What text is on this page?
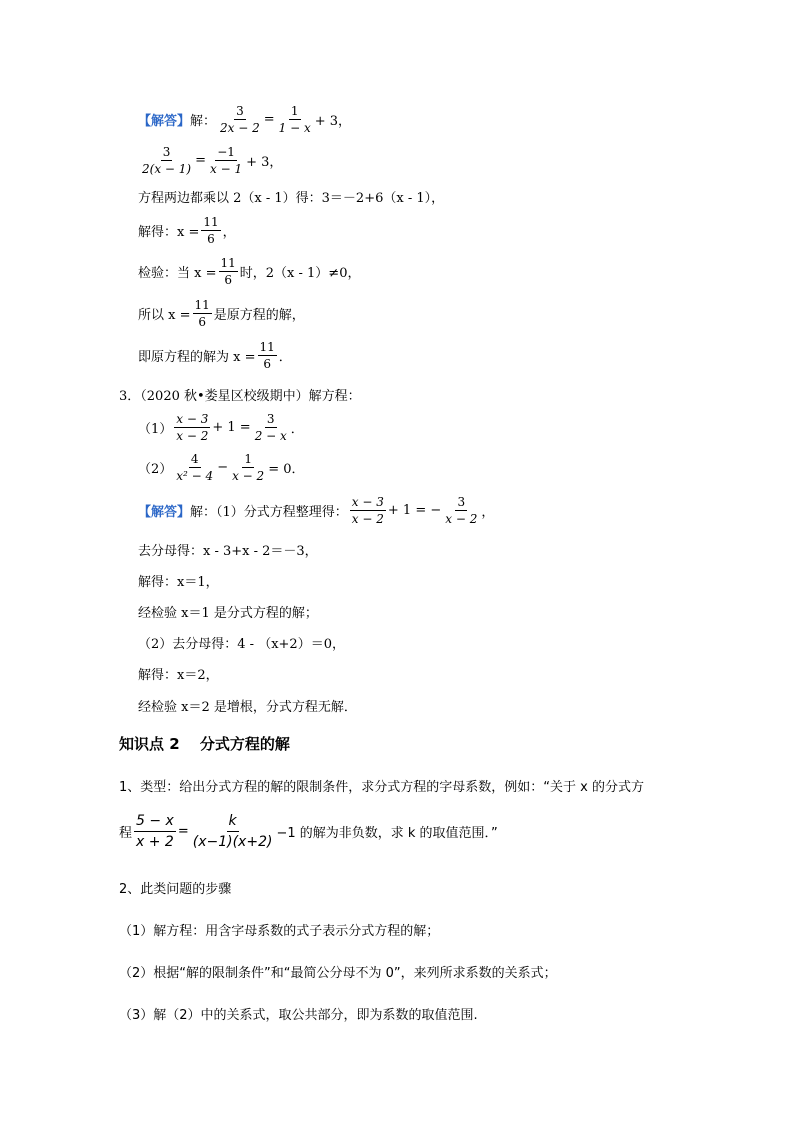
【解答】 解： $\frac{3}{2x - 2} = \frac{1}{1 - x} + 3$，
$\frac{3}{2(x - 1)} = \frac{-1}{x - 1} + 3$，
方程两边都乘以 2（x - 1）得：3＝－2+6（x - 1），
解得：$x = \frac{11}{6}$ ，
检验：当 $x = \frac{11}{6}$ 时，2（x - 1）≠0，
所以 $x = \frac{11}{6}$ 是原方程的解，
即原方程的解为 $x = \frac{11}{6}$ ．
3．（2020 秋•娄星区校级期中）解方程：
$(1) \frac{x - 3}{x - 2} + 1 = \frac{3}{2 - x}$ ．
$(2) \frac{4}{\text{x² − 4}} - \frac{1}{x - 2} = 0$．
【解答】 解：（1）分式方程整理得： $\frac{x - 3}{x - 2} + 1$ = − $\frac{3}{x - 2}$ ，
去分母得：x - 3+x - 2＝－3，
解得：x＝1，
经检验 x＝1 是分式方程的解；
（2）去分母得：4 - （x+2）＝0，
解得：x＝2，
经检验 x＝2 是增根，分式方程无解．
知识点 2　 分式方程的解
1、类型：给出分式方程的解的限制条件，求分式方程的字母系数，例如：“关于 x 的分式方
程 $\frac{5 - x}{x + 2} = \frac{k}{(x-1)(x+2)} -1$ 的解为非负数，求 k 的取值范围．”
2、此类问题的步骤
（1）解方程：用含字母系数的式子表示分式方程的解；
（2）根据“解的限制条件”和“最简公分母不为 0”，来列所求系数的关系式；
（3）解（2）中的关系式，取公共部分，即为系数的取值范围.
